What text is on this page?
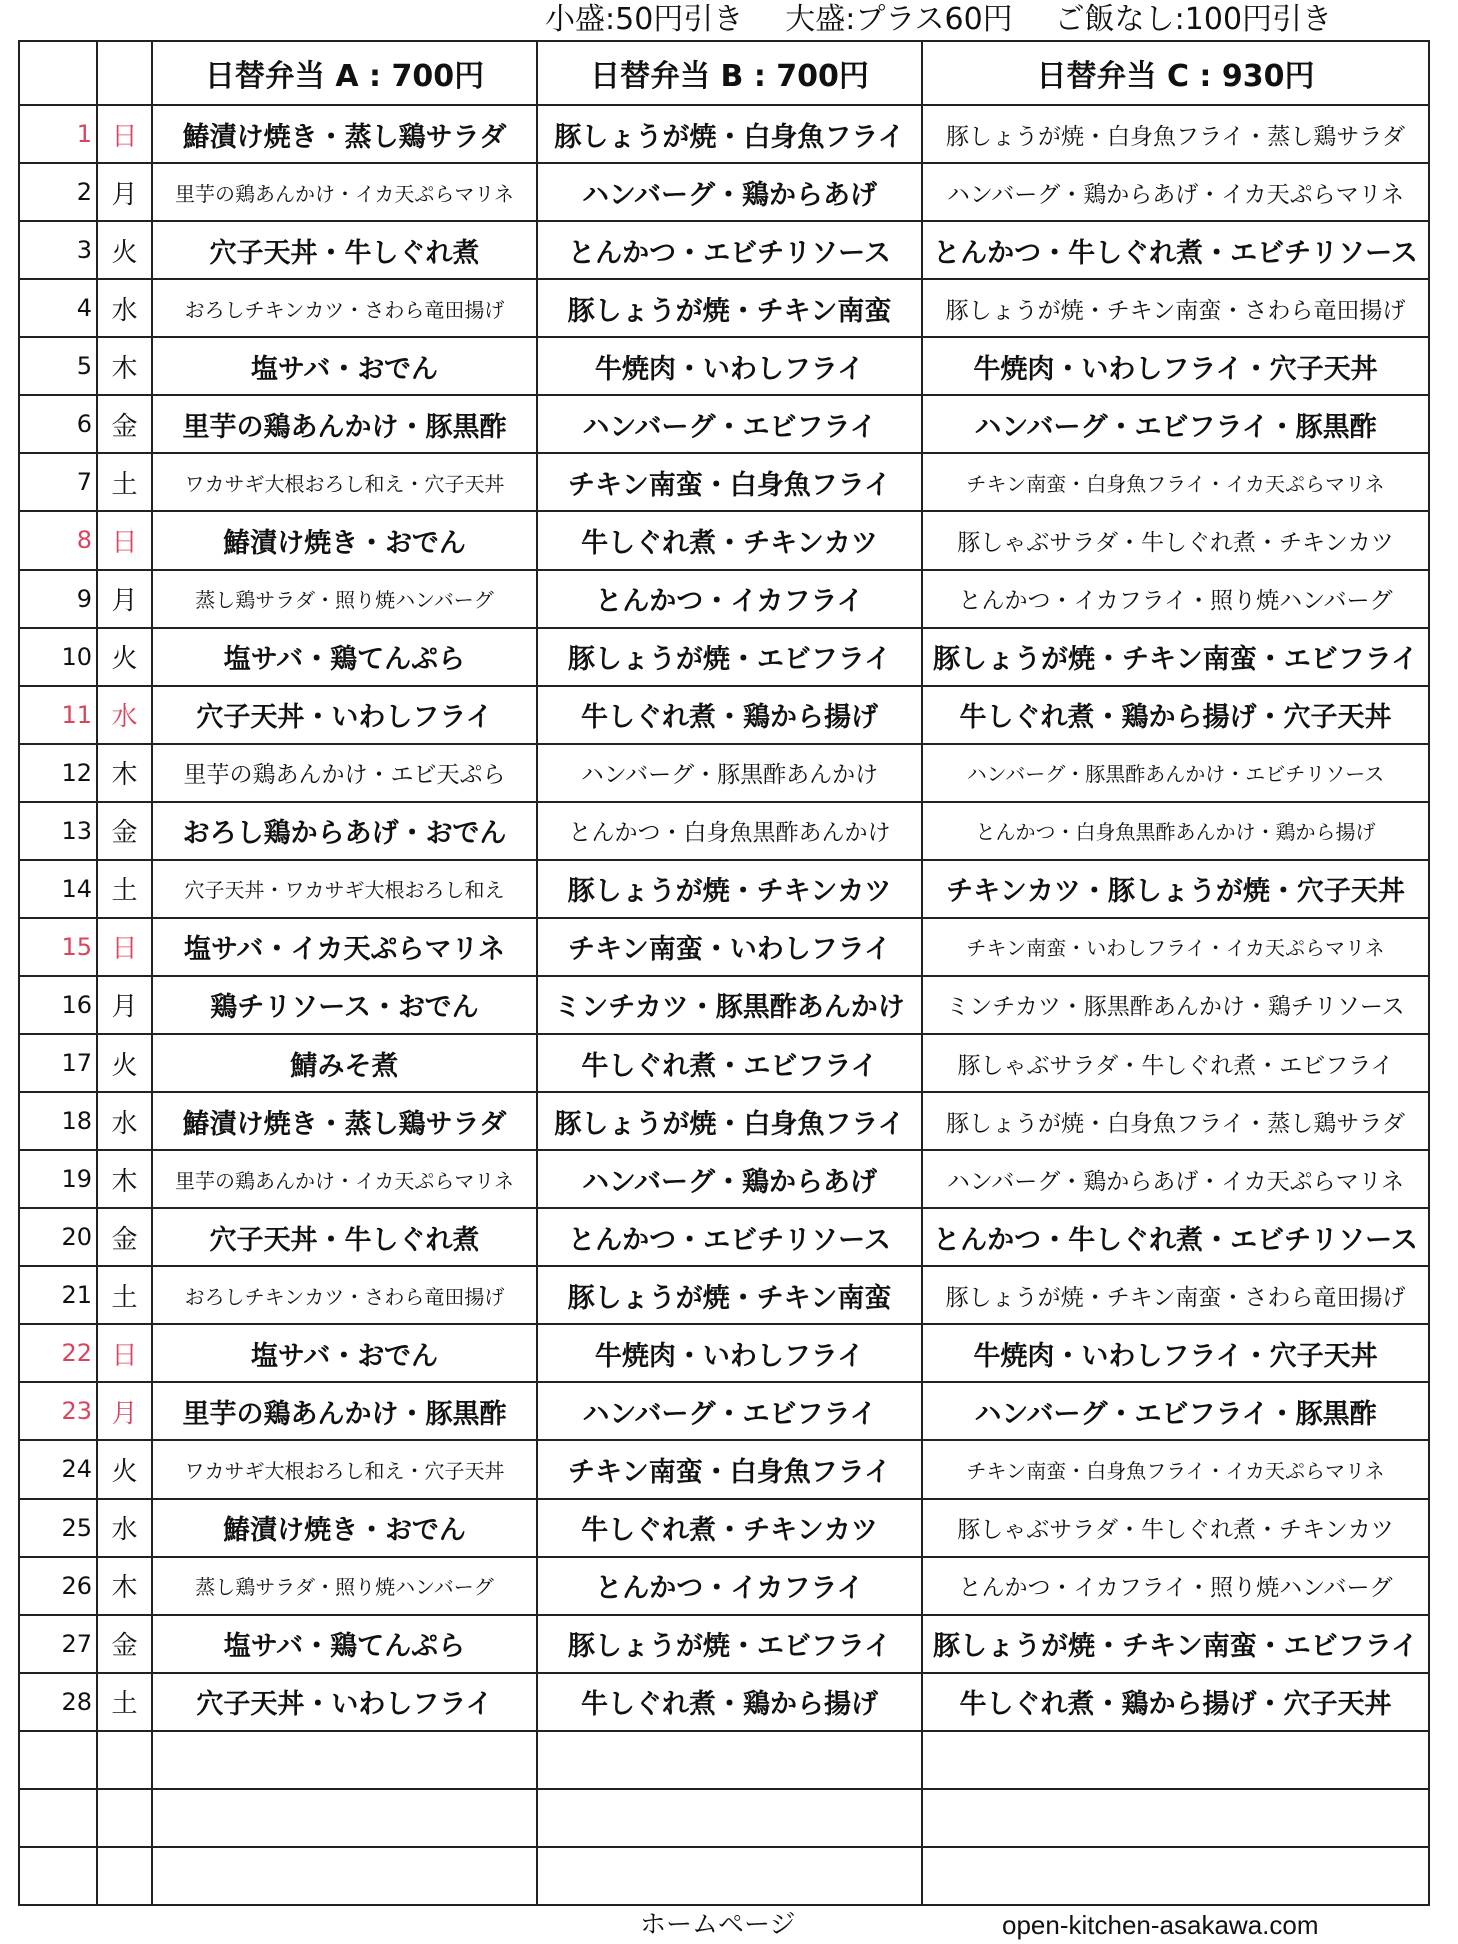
小盛:50円引き 大盛:プラス60円 ご飯なし:100円引き
		日替弁当 A : 700円	日替弁当 B : 700円	日替弁当 C : 930円
1	日	鰆漬け焼き・蒸し鶏サラダ	豚しょうが焼・白身魚フライ	豚しょうが焼・白身魚フライ・蒸し鶏サラダ
2	月	里芋の鶏あんかけ・イカ天ぷらマリネ	ハンバーグ・鶏からあげ	ハンバーグ・鶏からあげ・イカ天ぷらマリネ
3	火	穴子天丼・牛しぐれ煮	とんかつ・エビチリソース	とんかつ・牛しぐれ煮・エビチリソース
4	水	おろしチキンカツ・さわら竜田揚げ	豚しょうが焼・チキン南蛮	豚しょうが焼・チキン南蛮・さわら竜田揚げ
5	木	塩サバ・おでん	牛焼肉・いわしフライ	牛焼肉・いわしフライ・穴子天丼
6	金	里芋の鶏あんかけ・豚黒酢	ハンバーグ・エビフライ	ハンバーグ・エビフライ・豚黒酢
7	土	ワカサギ大根おろし和え・穴子天丼	チキン南蛮・白身魚フライ	チキン南蛮・白身魚フライ・イカ天ぷらマリネ
8	日	鰆漬け焼き・おでん	牛しぐれ煮・チキンカツ	豚しゃぶサラダ・牛しぐれ煮・チキンカツ
9	月	蒸し鶏サラダ・照り焼ハンバーグ	とんかつ・イカフライ	とんかつ・イカフライ・照り焼ハンバーグ
10	火	塩サバ・鶏てんぷら	豚しょうが焼・エビフライ	豚しょうが焼・チキン南蛮・エビフライ
11	水	穴子天丼・いわしフライ	牛しぐれ煮・鶏から揚げ	牛しぐれ煮・鶏から揚げ・穴子天丼
12	木	里芋の鶏あんかけ・エビ天ぷら	ハンバーグ・豚黒酢あんかけ	ハンバーグ・豚黒酢あんかけ・エビチリソース
13	金	おろし鶏からあげ・おでん	とんかつ・白身魚黒酢あんかけ	とんかつ・白身魚黒酢あんかけ・鶏から揚げ
14	土	穴子天丼・ワカサギ大根おろし和え	豚しょうが焼・チキンカツ	チキンカツ・豚しょうが焼・穴子天丼
15	日	塩サバ・イカ天ぷらマリネ	チキン南蛮・いわしフライ	チキン南蛮・いわしフライ・イカ天ぷらマリネ
16	月	鶏チリソース・おでん	ミンチカツ・豚黒酢あんかけ	ミンチカツ・豚黒酢あんかけ・鶏チリソース
17	火	鯖みそ煮	牛しぐれ煮・エビフライ	豚しゃぶサラダ・牛しぐれ煮・エビフライ
18	水	鰆漬け焼き・蒸し鶏サラダ	豚しょうが焼・白身魚フライ	豚しょうが焼・白身魚フライ・蒸し鶏サラダ
19	木	里芋の鶏あんかけ・イカ天ぷらマリネ	ハンバーグ・鶏からあげ	ハンバーグ・鶏からあげ・イカ天ぷらマリネ
20	金	穴子天丼・牛しぐれ煮	とんかつ・エビチリソース	とんかつ・牛しぐれ煮・エビチリソース
21	土	おろしチキンカツ・さわら竜田揚げ	豚しょうが焼・チキン南蛮	豚しょうが焼・チキン南蛮・さわら竜田揚げ
22	日	塩サバ・おでん	牛焼肉・いわしフライ	牛焼肉・いわしフライ・穴子天丼
23	月	里芋の鶏あんかけ・豚黒酢	ハンバーグ・エビフライ	ハンバーグ・エビフライ・豚黒酢
24	火	ワカサギ大根おろし和え・穴子天丼	チキン南蛮・白身魚フライ	チキン南蛮・白身魚フライ・イカ天ぷらマリネ
25	水	鰆漬け焼き・おでん	牛しぐれ煮・チキンカツ	豚しゃぶサラダ・牛しぐれ煮・チキンカツ
26	木	蒸し鶏サラダ・照り焼ハンバーグ	とんかつ・イカフライ	とんかつ・イカフライ・照り焼ハンバーグ
27	金	塩サバ・鶏てんぷら	豚しょうが焼・エビフライ	豚しょうが焼・チキン南蛮・エビフライ
28	土	穴子天丼・いわしフライ	牛しぐれ煮・鶏から揚げ	牛しぐれ煮・鶏から揚げ・穴子天丼

ホームページ	open-kitchen-asakawa.com
